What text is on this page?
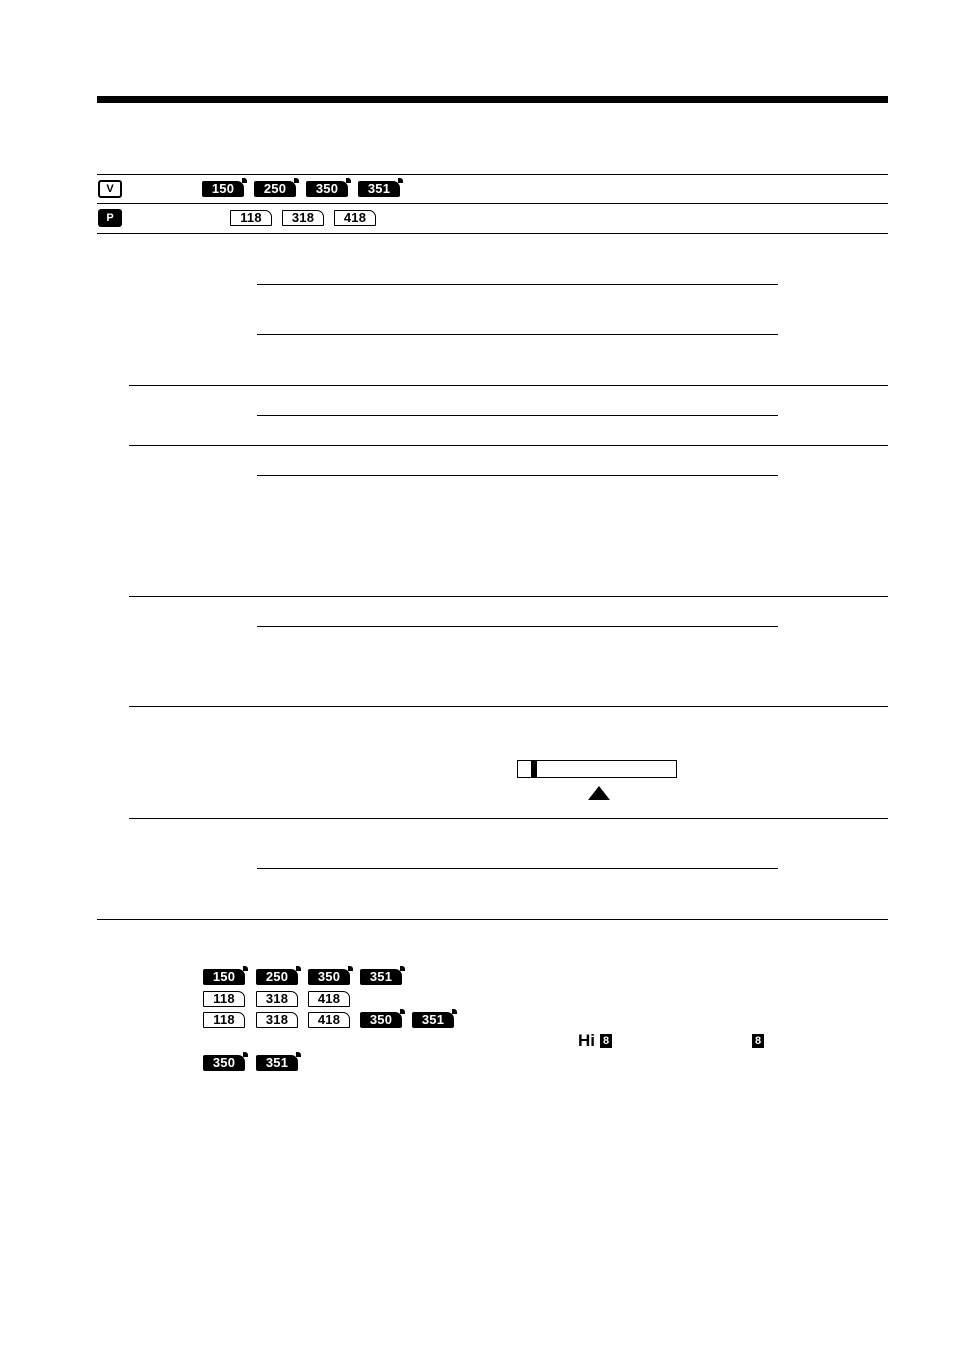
V	150	250	350	351
P	118	318	418
150	250	350	351
118	318	418
118	318	418	350	351
Hi 8	8
350	351
